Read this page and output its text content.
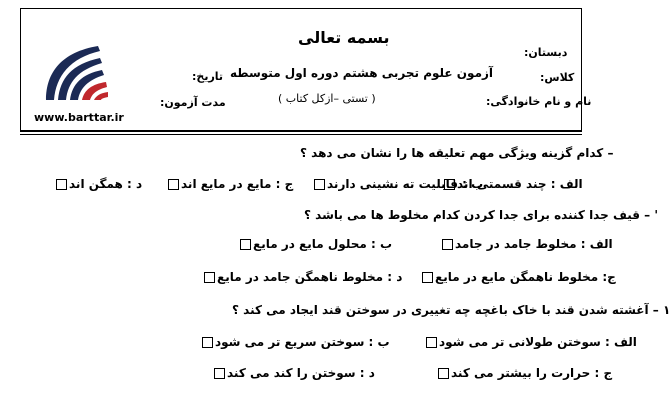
www.barttar.ir
بسمه تعالی
آزمون علوم تجربی هشتم دوره اول متوسطه
( تستی –ازکل کتاب )
دبستان:
کلاس:
نام و نام خانوادگی:
تاریخ:
مدت آزمون:
– کدام گزینه ویژگی مهم تعلیقه ها را نشان می دهد ؟
الف : چند قسمتی اند
ب : قابلیت ته نشینی دارند
ج : مایع در مایع اند
د : همگن اند
' – قیف جدا کننده برای جدا کردن کدام مخلوط ها می باشد ؟
الف : مخلوط جامد در جامد
ب : محلول مایع در مایع
ج: مخلوط ناهمگن مایع در مایع
د : مخلوط ناهمگن جامد در مایع
۱ – آغشته شدن قند با خاک باغچه چه تغییری در سوختن قند ایجاد می کند ؟
الف : سوختن طولانی تر می شود
ب : سوختن سریع تر می شود
ج : حرارت را بیشتر می کند
د : سوختن را کند می کند
